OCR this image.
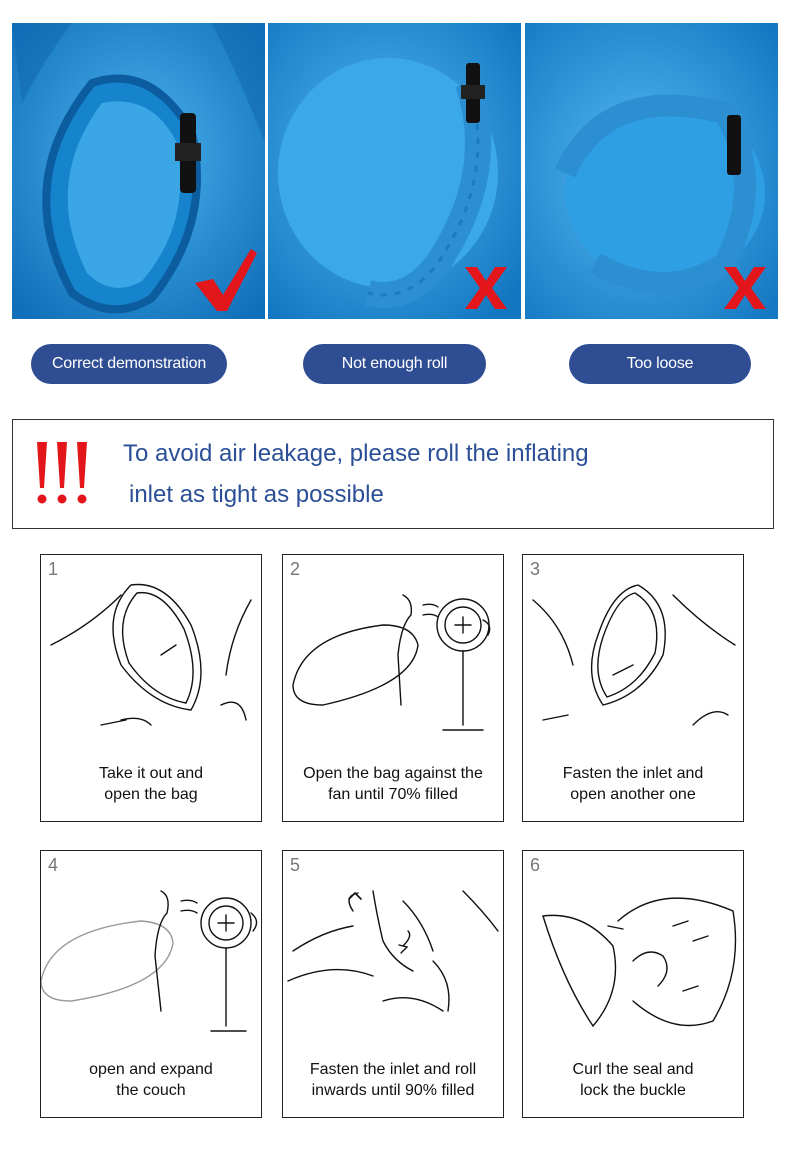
Correct demonstration	Not enough roll	Too loose
To avoid air leakage, please roll the inflating
inlet as tight as possible
1
Take it out and
open the bag
2
Open the bag against the
fan until 70% filled
3
Fasten the inlet and
open another one
4
open and expand
the couch
5
Fasten the inlet and roll
inwards until 90% filled
6
Curl the seal and
lock the buckle
